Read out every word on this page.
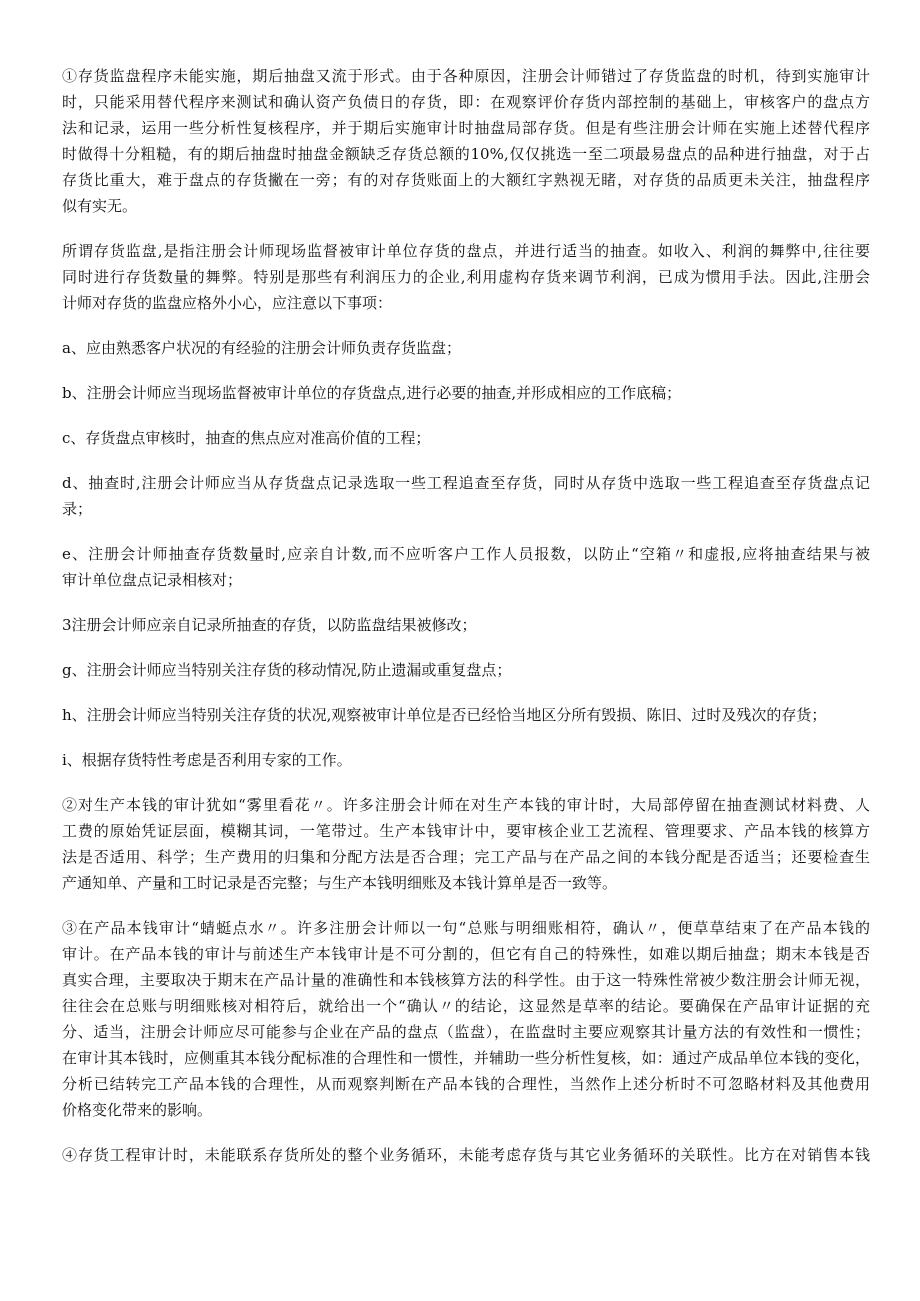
①存货监盘程序未能实施，期后抽盘又流于形式。由于各种原因，注册会计师错过了存货监盘的时机，待到实施审计
时，只能采用替代程序来测试和确认资产负债日的存货，即：在观察评价存货内部控制的基础上，审核客户的盘点方
法和记录，运用一些分析性复核程序，并于期后实施审计时抽盘局部存货。但是有些注册会计师在实施上述替代程序
时做得十分粗糙，有的期后抽盘时抽盘金额缺乏存货总额的10%,仅仅挑选一至二项最易盘点的品种进行抽盘，对于占
存货比重大，难于盘点的存货撇在一旁；有的对存货账面上的大额红字熟视无睹，对存货的品质更未关注，抽盘程序
似有实无。
所谓存货监盘,是指注册会计师现场监督被审计单位存货的盘点，并进行适当的抽查。如收入、利润的舞弊中,往往要
同时进行存货数量的舞弊。特别是那些有利润压力的企业,利用虚构存货来调节利润，已成为惯用手法。因此,注册会
计师对存货的监盘应格外小心，应注意以下事项：
a、应由熟悉客户状况的有经验的注册会计师负责存货监盘；
b、注册会计师应当现场监督被审计单位的存货盘点,进行必要的抽查,并形成相应的工作底稿；
c、存货盘点审核时，抽查的焦点应对准高价值的工程；
d、抽查时,注册会计师应当从存货盘点记录选取一些工程追查至存货，同时从存货中选取一些工程追查至存货盘点记
录；
e、注册会计师抽查存货数量时,应亲自计数,而不应听客户工作人员报数，以防止“空箱〃和虚报,应将抽查结果与被
审计单位盘点记录相核对；
3注册会计师应亲自记录所抽查的存货，以防监盘结果被修改；
g、注册会计师应当特别关注存货的移动情况,防止遗漏或重复盘点；
h、注册会计师应当特别关注存货的状况,观察被审计单位是否已经恰当地区分所有毁损、陈旧、过时及残次的存货；
i、根据存货特性考虑是否利用专家的工作。
②对生产本钱的审计犹如“雾里看花〃。许多注册会计师在对生产本钱的审计时，大局部停留在抽查测试材料费、人
工费的原始凭证层面，模糊其词，一笔带过。生产本钱审计中，要审核企业工艺流程、管理要求、产品本钱的核算方
法是否适用、科学；生产费用的归集和分配方法是否合理；完工产品与在产品之间的本钱分配是否适当；还要检查生
产通知单、产量和工时记录是否完整；与生产本钱明细账及本钱计算单是否一致等。
③在产品本钱审计“蜻蜓点水〃。许多注册会计师以一句“总账与明细账相符，确认〃，便草草结束了在产品本钱的
审计。在产品本钱的审计与前述生产本钱审计是不可分割的，但它有自己的特殊性，如难以期后抽盘；期末本钱是否
真实合理，主要取决于期末在产品计量的准确性和本钱核算方法的科学性。由于这一特殊性常被少数注册会计师无视，
往往会在总账与明细账核对相符后，就给出一个“确认〃的结论，这显然是草率的结论。要确保在产品审计证据的充
分、适当，注册会计师应尽可能参与企业在产品的盘点（监盘），在监盘时主要应观察其计量方法的有效性和一惯性；
在审计其本钱时，应侧重其本钱分配标准的合理性和一惯性，并辅助一些分析性复核，如：通过产成品单位本钱的变化，
分析已结转完工产品本钱的合理性，从而观察判断在产品本钱的合理性，当然作上述分析时不可忽略材料及其他费用
价格变化带来的影响。
④存货工程审计时，未能联系存货所处的整个业务循环，未能考虑存货与其它业务循环的关联性。比方在对销售本钱
